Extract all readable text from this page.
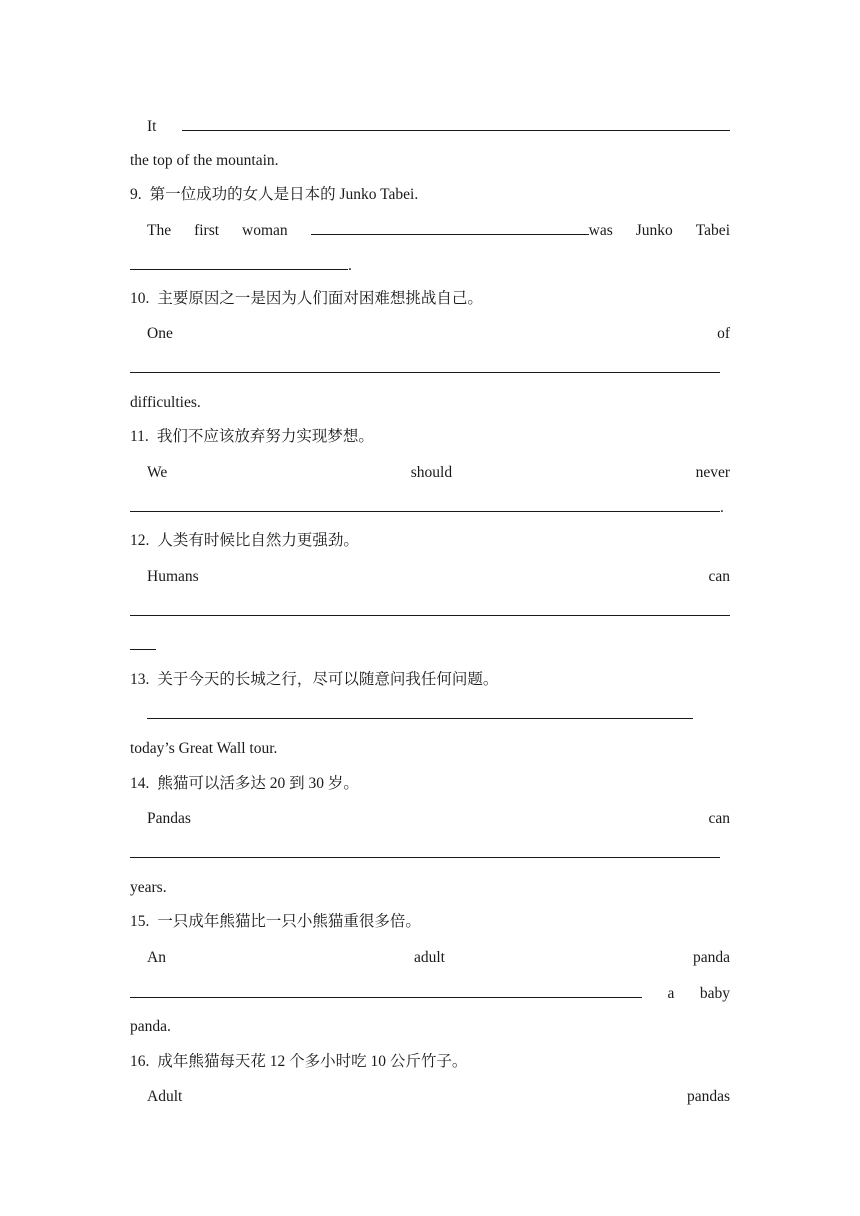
It
the top of the mountain.
9. 第一位成功的女人是日本的 Junko Tabei.
The first woman	was Junko Tabei
.
10. 主要原因之一是因为人们面对困难想挑战自己。
One	of
difficulties.
11. 我们不应该放弃努力实现梦想。
We	should	never
.
12. 人类有时候比自然力更强劲。
Humans	can
13. 关于今天的长城之行，尽可以随意问我任何问题。
today’s Great Wall tour.
14. 熊猫可以活多达 20 到 30 岁。
Pandas	can
years.
15. 一只成年熊猫比一只小熊猫重很多倍。
An	adult	panda
a baby
panda.
16. 成年熊猫每天花 12 个多小时吃 10 公斤竹子。
Adult	pandas
